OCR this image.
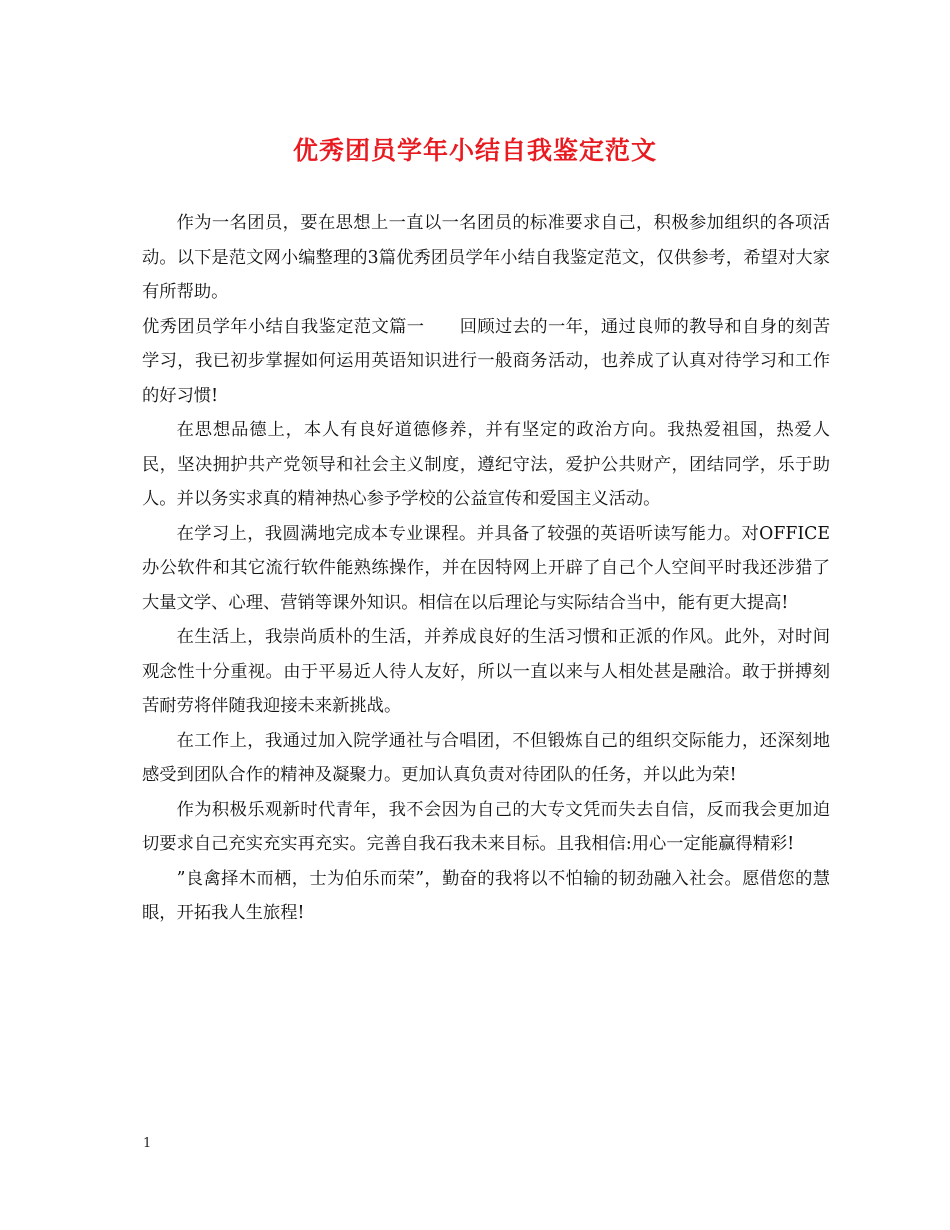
优秀团员学年小结自我鉴定范文

作为一名团员，要在思想上一直以一名团员的标准要求自己，积极参加组织的各项活动。以下是范文网小编整理的3篇优秀团员学年小结自我鉴定范文，仅供参考，希望对大家有所帮助。

优秀团员学年小结自我鉴定范文篇一　　回顾过去的一年，通过良师的教导和自身的刻苦学习，我已初步掌握如何运用英语知识进行一般商务活动，也养成了认真对待学习和工作的好习惯!

在思想品德上，本人有良好道德修养，并有坚定的政治方向。我热爱祖国，热爱人民，坚决拥护共产党领导和社会主义制度，遵纪守法，爱护公共财产，团结同学，乐于助人。并以务实求真的精神热心参予学校的公益宣传和爱国主义活动。

在学习上，我圆满地完成本专业课程。并具备了较强的英语听读写能力。对OFFICE办公软件和其它流行软件能熟练操作，并在因特网上开辟了自己个人空间平时我还涉猎了大量文学、心理、营销等课外知识。相信在以后理论与实际结合当中，能有更大提高!

在生活上，我崇尚质朴的生活，并养成良好的生活习惯和正派的作风。此外，对时间观念性十分重视。由于平易近人待人友好，所以一直以来与人相处甚是融洽。敢于拼搏刻苦耐劳将伴随我迎接未来新挑战。

在工作上，我通过加入院学通社与合唱团，不但锻炼自己的组织交际能力，还深刻地感受到团队合作的精神及凝聚力。更加认真负责对待团队的任务，并以此为荣!

作为积极乐观新时代青年，我不会因为自己的大专文凭而失去自信，反而我会更加迫切要求自己充实充实再充实。完善自我石我未来目标。且我相信:用心一定能赢得精彩!

”良禽择木而栖，士为伯乐而荣”，勤奋的我将以不怕输的韧劲融入社会。愿借您的慧眼，开拓我人生旅程!

1
